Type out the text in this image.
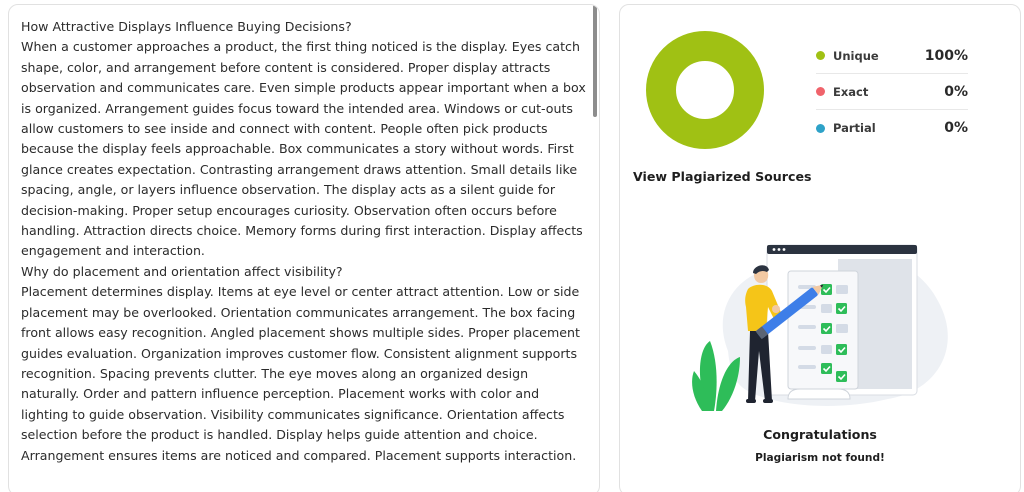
How Attractive Displays Influence Buying Decisions?

When a customer approaches a product, the first thing noticed is the display. Eyes catch shape, color, and arrangement before content is considered. Proper display attracts observation and communicates care. Even simple products appear important when a box is organized. Arrangement guides focus toward the intended area. Windows or cut-outs allow customers to see inside and connect with content. People often pick products because the display feels approachable. Box communicates a story without words. First glance creates expectation. Contrasting arrangement draws attention. Small details like spacing, angle, or layers influence observation. The display acts as a silent guide for decision-making. Proper setup encourages curiosity. Observation often occurs before handling. Attraction directs choice. Memory forms during first interaction. Display affects engagement and interaction.

Why do placement and orientation affect visibility?

Placement determines display. Items at eye level or center attract attention. Low or side placement may be overlooked. Orientation communicates arrangement. The box facing front allows easy recognition. Angled placement shows multiple sides. Proper placement guides evaluation. Organization improves customer flow. Consistent alignment supports recognition. Spacing prevents clutter. The eye moves along an organized design naturally. Order and pattern influence perception. Placement works with color and lighting to guide observation. Visibility communicates significance. Orientation affects selection before the product is handled. Display helps guide attention and choice. Arrangement ensures items are noticed and compared. Placement supports interaction.

Unique	100%
Exact	0%
Partial	0%
View Plagiarized Sources
Congratulations
Plagiarism not found!
